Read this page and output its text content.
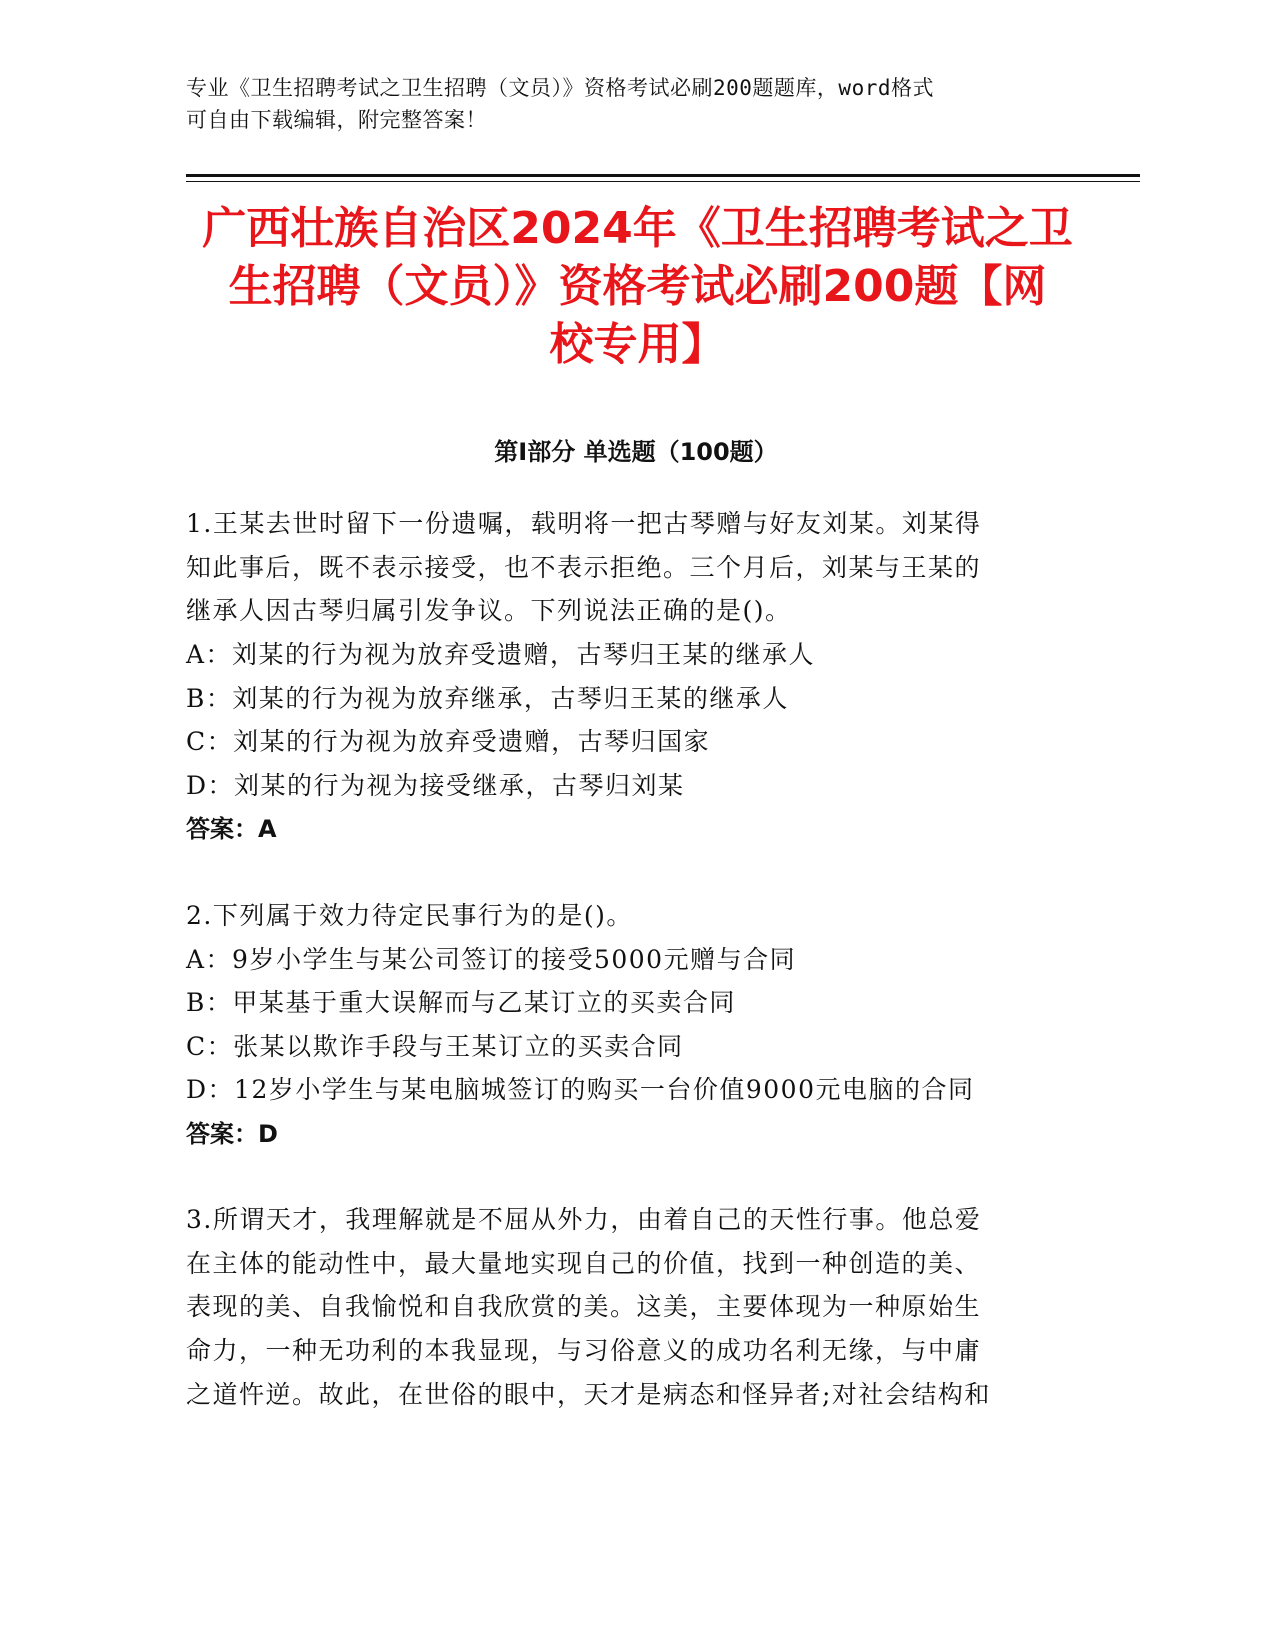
专业《卫生招聘考试之卫生招聘（文员）》资格考试必刷200题题库，word格式
可自由下载编辑，附完整答案！
广西壮族自治区2024年《卫生招聘考试之卫
生招聘（文员）》资格考试必刷200题【网
校专用】
第I部分 单选题（100题）
1.王某去世时留下一份遗嘱，载明将一把古琴赠与好友刘某。刘某得
知此事后，既不表示接受，也不表示拒绝。三个月后，刘某与王某的
继承人因古琴归属引发争议。下列说法正确的是()。
A：刘某的行为视为放弃受遗赠，古琴归王某的继承人
B：刘某的行为视为放弃继承，古琴归王某的继承人
C：刘某的行为视为放弃受遗赠，古琴归国家
D：刘某的行为视为接受继承，古琴归刘某
答案：A
2.下列属于效力待定民事行为的是()。
A：9岁小学生与某公司签订的接受5000元赠与合同
B：甲某基于重大误解而与乙某订立的买卖合同
C：张某以欺诈手段与王某订立的买卖合同
D：12岁小学生与某电脑城签订的购买一台价值9000元电脑的合同
答案：D
3.所谓天才，我理解就是不屈从外力，由着自己的天性行事。他总爱
在主体的能动性中，最大量地实现自己的价值，找到一种创造的美、
表现的美、自我愉悦和自我欣赏的美。这美，主要体现为一种原始生
命力，一种无功利的本我显现，与习俗意义的成功名利无缘，与中庸
之道忤逆。故此，在世俗的眼中，天才是病态和怪异者;对社会结构和
